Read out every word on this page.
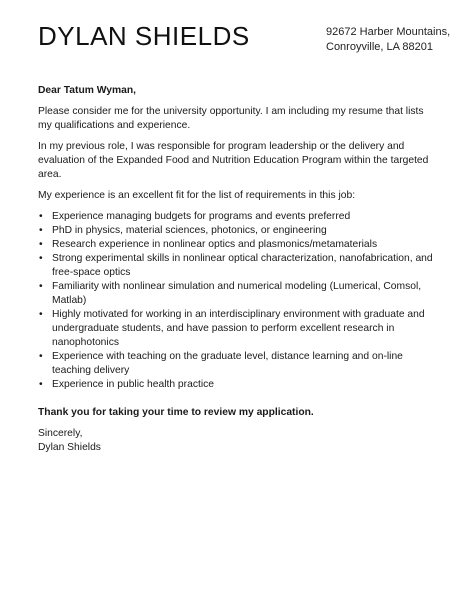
DYLAN SHIELDS	92672 Harber Mountains,
Conroyville, LA 88201

Dear Tatum Wyman,

Please consider me for the university opportunity. I am including my resume that lists my qualifications and experience.

In my previous role, I was responsible for program leadership or the delivery and evaluation of the Expanded Food and Nutrition Education Program within the targeted area.

My experience is an excellent fit for the list of requirements in this job:

• Experience managing budgets for programs and events preferred
• PhD in physics, material sciences, photonics, or engineering
• Research experience in nonlinear optics and plasmonics/metamaterials
• Strong experimental skills in nonlinear optical characterization, nanofabrication, and free-space optics
• Familiarity with nonlinear simulation and numerical modeling (Lumerical, Comsol, Matlab)
• Highly motivated for working in an interdisciplinary environment with graduate and undergraduate students, and have passion to perform excellent research in nanophotonics
• Experience with teaching on the graduate level, distance learning and on-line teaching delivery
• Experience in public health practice

Thank you for taking your time to review my application.

Sincerely,

Dylan Shields
